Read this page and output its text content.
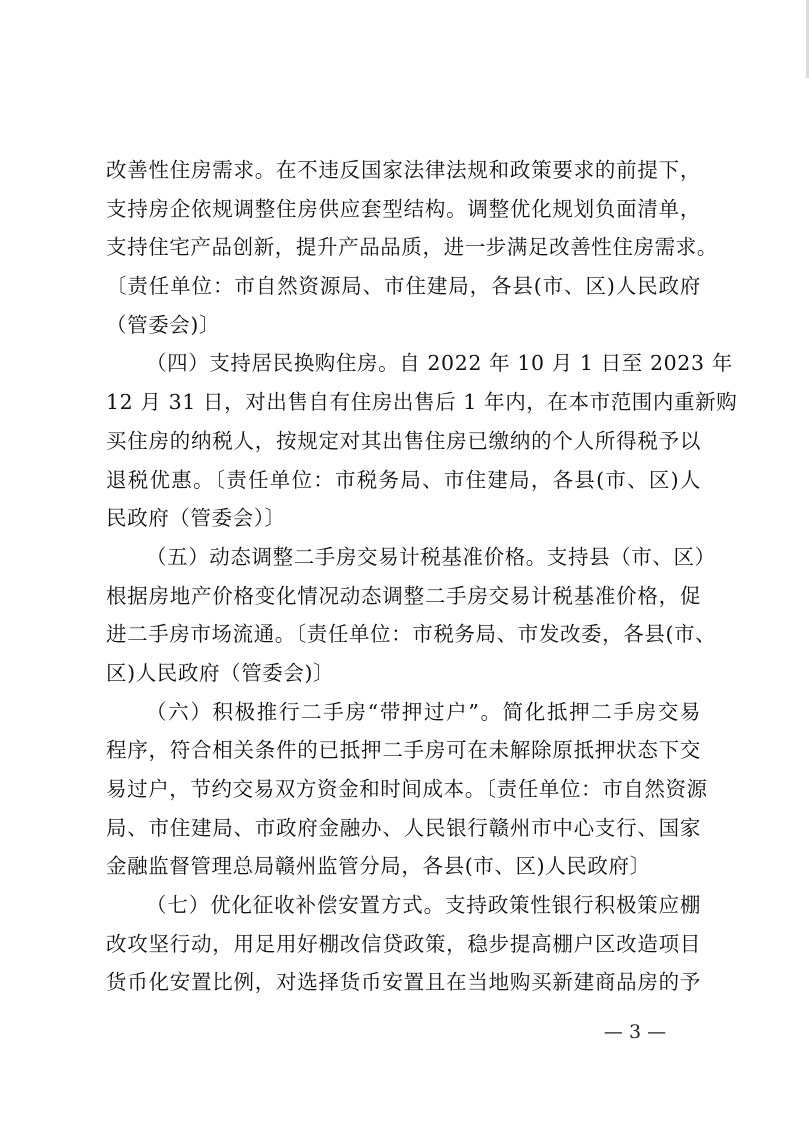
改善性住房需求。在不违反国家法律法规和政策要求的前提下，
支持房企依规调整住房供应套型结构。调整优化规划负面清单，
支持住宅产品创新，提升产品品质，进一步满足改善性住房需求。
〔责任单位：市自然资源局、市住建局，各县(市、区)人民政府
（管委会)〕
（四）支持居民换购住房。自 2022 年 10 月 1 日至 2023 年
12 月 31 日，对出售自有住房出售后 1 年内，在本市范围内重新购
买住房的纳税人，按规定对其出售住房已缴纳的个人所得税予以
退税优惠。〔责任单位：市税务局、市住建局，各县(市、区)人
民政府（管委会）〕
（五）动态调整二手房交易计税基准价格。支持县（市、区）
根据房地产价格变化情况动态调整二手房交易计税基准价格，促
进二手房市场流通。〔责任单位：市税务局、市发改委，各县(市、
区)人民政府（管委会)〕
（六）积极推行二手房“带押过户”。简化抵押二手房交易
程序，符合相关条件的已抵押二手房可在未解除原抵押状态下交
易过户，节约交易双方资金和时间成本。〔责任单位：市自然资源
局、市住建局、市政府金融办、人民银行赣州市中心支行、国家
金融监督管理总局赣州监管分局，各县(市、区)人民政府〕
（七）优化征收补偿安置方式。支持政策性银行积极策应棚
改攻坚行动，用足用好棚改信贷政策，稳步提高棚户区改造项目
货币化安置比例，对选择货币安置且在当地购买新建商品房的予
— 3 —
